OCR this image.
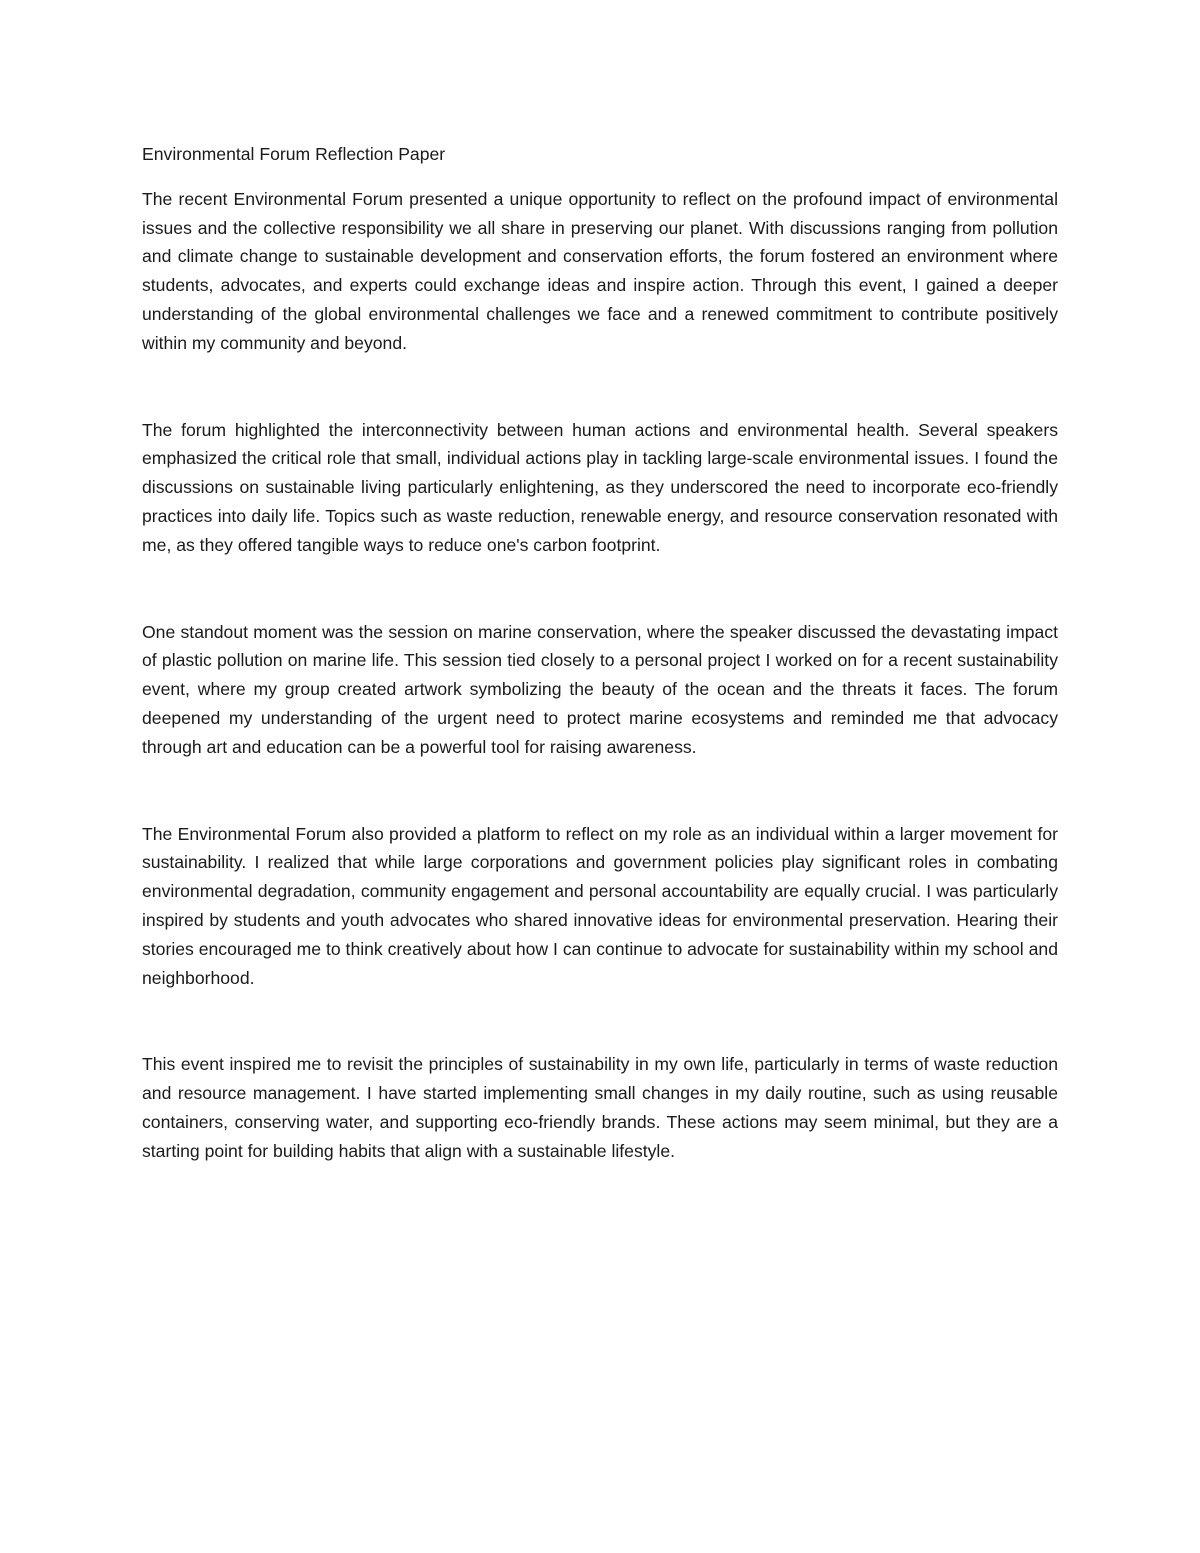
Environmental Forum Reflection Paper

The recent Environmental Forum presented a unique opportunity to reflect on the profound impact of environmental issues and the collective responsibility we all share in preserving our planet. With discussions ranging from pollution and climate change to sustainable development and conservation efforts, the forum fostered an environment where students, advocates, and experts could exchange ideas and inspire action. Through this event, I gained a deeper understanding of the global environmental challenges we face and a renewed commitment to contribute positively within my community and beyond.

The forum highlighted the interconnectivity between human actions and environmental health. Several speakers emphasized the critical role that small, individual actions play in tackling large-scale environmental issues. I found the discussions on sustainable living particularly enlightening, as they underscored the need to incorporate eco-friendly practices into daily life. Topics such as waste reduction, renewable energy, and resource conservation resonated with me, as they offered tangible ways to reduce one's carbon footprint.

One standout moment was the session on marine conservation, where the speaker discussed the devastating impact of plastic pollution on marine life. This session tied closely to a personal project I worked on for a recent sustainability event, where my group created artwork symbolizing the beauty of the ocean and the threats it faces. The forum deepened my understanding of the urgent need to protect marine ecosystems and reminded me that advocacy through art and education can be a powerful tool for raising awareness.

The Environmental Forum also provided a platform to reflect on my role as an individual within a larger movement for sustainability. I realized that while large corporations and government policies play significant roles in combating environmental degradation, community engagement and personal accountability are equally crucial. I was particularly inspired by students and youth advocates who shared innovative ideas for environmental preservation. Hearing their stories encouraged me to think creatively about how I can continue to advocate for sustainability within my school and neighborhood.

This event inspired me to revisit the principles of sustainability in my own life, particularly in terms of waste reduction and resource management. I have started implementing small changes in my daily routine, such as using reusable containers, conserving water, and supporting eco-friendly brands. These actions may seem minimal, but they are a starting point for building habits that align with a sustainable lifestyle.
